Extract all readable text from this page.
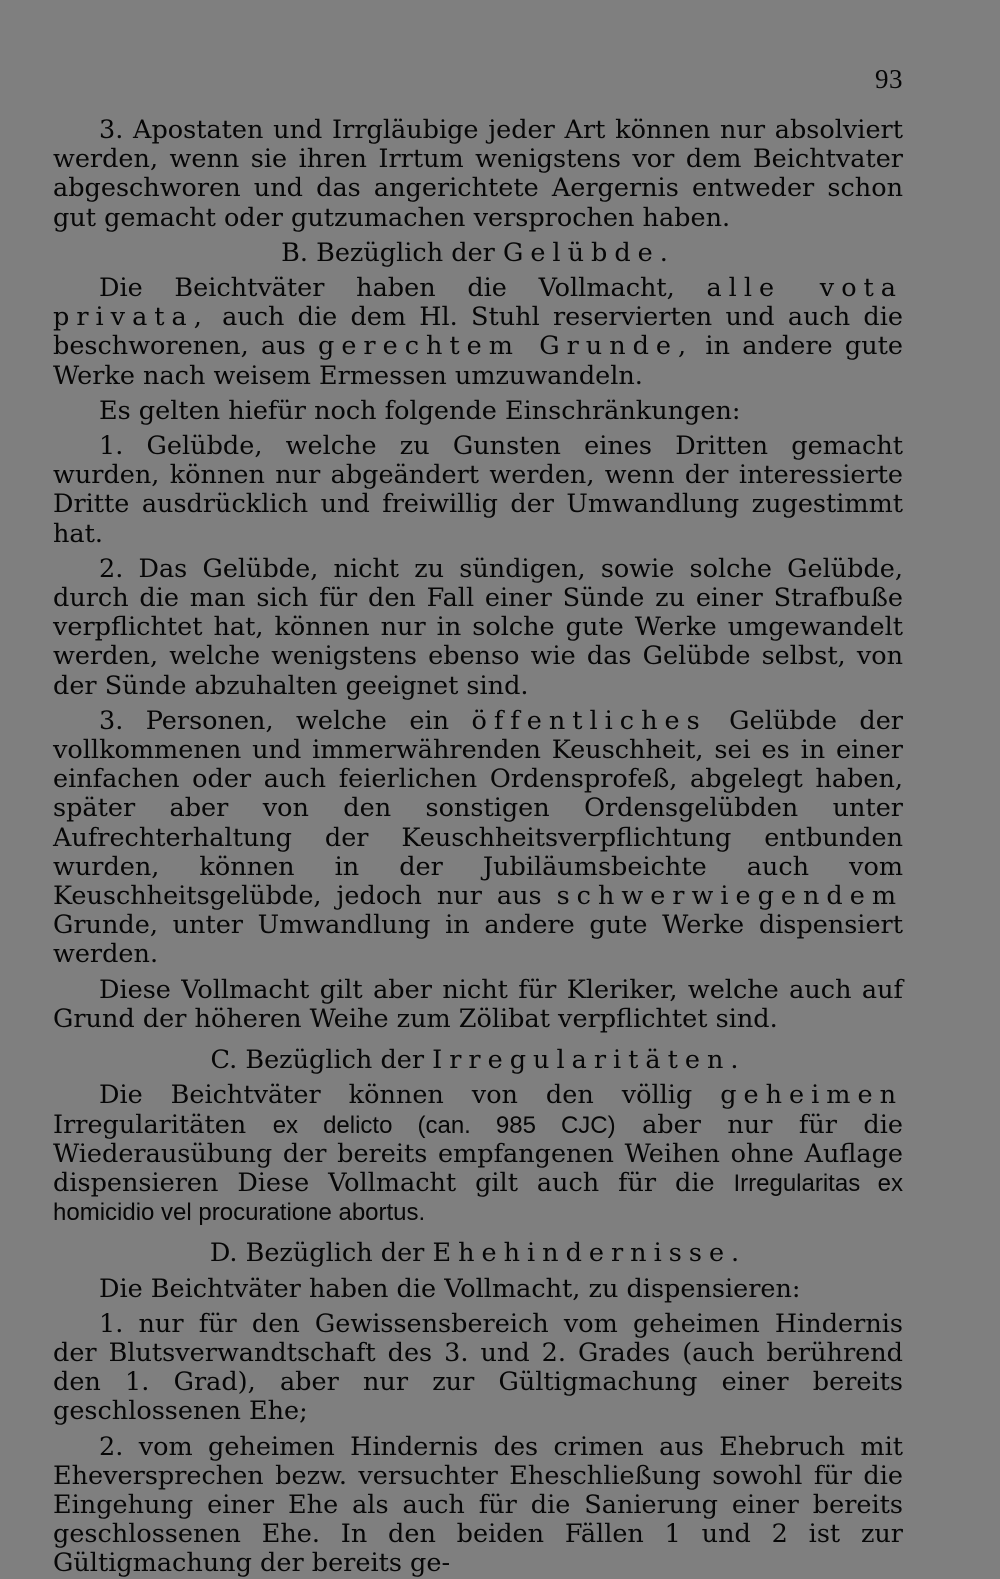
93

3. Apostaten und Irrgläubige jeder Art können nur absolviert werden, wenn sie ihren Irrtum wenigstens vor dem Beichtvater abgeschworen und das angerichtete Aergernis entweder schon gut gemacht oder gutzumachen versprochen haben.

B. Bezüglich der Gelübde.

Die Beichtväter haben die Vollmacht, alle vota privata, auch die dem Hl. Stuhl reservierten und auch die beschworenen, aus gerechtem Grunde, in andere gute Werke nach weisem Ermessen umzuwandeln.

Es gelten hiefür noch folgende Einschränkungen:

1. Gelübde, welche zu Gunsten eines Dritten gemacht wurden, können nur abgeändert werden, wenn der interessierte Dritte ausdrücklich und freiwillig der Umwandlung zugestimmt hat.

2. Das Gelübde, nicht zu sündigen, sowie solche Gelübde, durch die man sich für den Fall einer Sünde zu einer Strafbuße verpflichtet hat, können nur in solche gute Werke umgewandelt werden, welche wenigstens ebenso wie das Gelübde selbst, von der Sünde abzuhalten geeignet sind.

3. Personen, welche ein öffentliches Gelübde der vollkommenen und immerwährenden Keuschheit, sei es in einer einfachen oder auch feierlichen Ordensprofeß, abgelegt haben, später aber von den sonstigen Ordensgelübden unter Aufrechterhaltung der Keuschheitsverpflichtung entbunden wurden, können in der Jubiläumsbeichte auch vom Keuschheitsgelübde, jedoch nur aus schwerwiegendem Grunde, unter Umwandlung in andere gute Werke dispensiert werden.

Diese Vollmacht gilt aber nicht für Kleriker, welche auch auf Grund der höheren Weihe zum Zölibat verpflichtet sind.

C. Bezüglich der Irregularitäten.

Die Beichtväter können von den völlig geheimen Irregularitäten ex delicto (can. 985 CJC) aber nur für die Wiederausübung der bereits empfangenen Weihen ohne Auflage dispensieren Diese Vollmacht gilt auch für die Irregularitas ex homicidio vel procuratione abortus.

D. Bezüglich der Ehehindernisse.

Die Beichtväter haben die Vollmacht, zu dispensieren:

1. nur für den Gewissensbereich vom geheimen Hindernis der Blutsverwandtschaft des 3. und 2. Grades (auch berührend den 1. Grad), aber nur zur Gültigmachung einer bereits geschlossenen Ehe;

2. vom geheimen Hindernis des crimen aus Ehebruch mit Eheversprechen bezw. versuchter Eheschließung sowohl für die Eingehung einer Ehe als auch für die Sanierung einer bereits geschlossenen Ehe. In den beiden Fällen 1 und 2 ist zur Gültigmachung der bereits ge-
